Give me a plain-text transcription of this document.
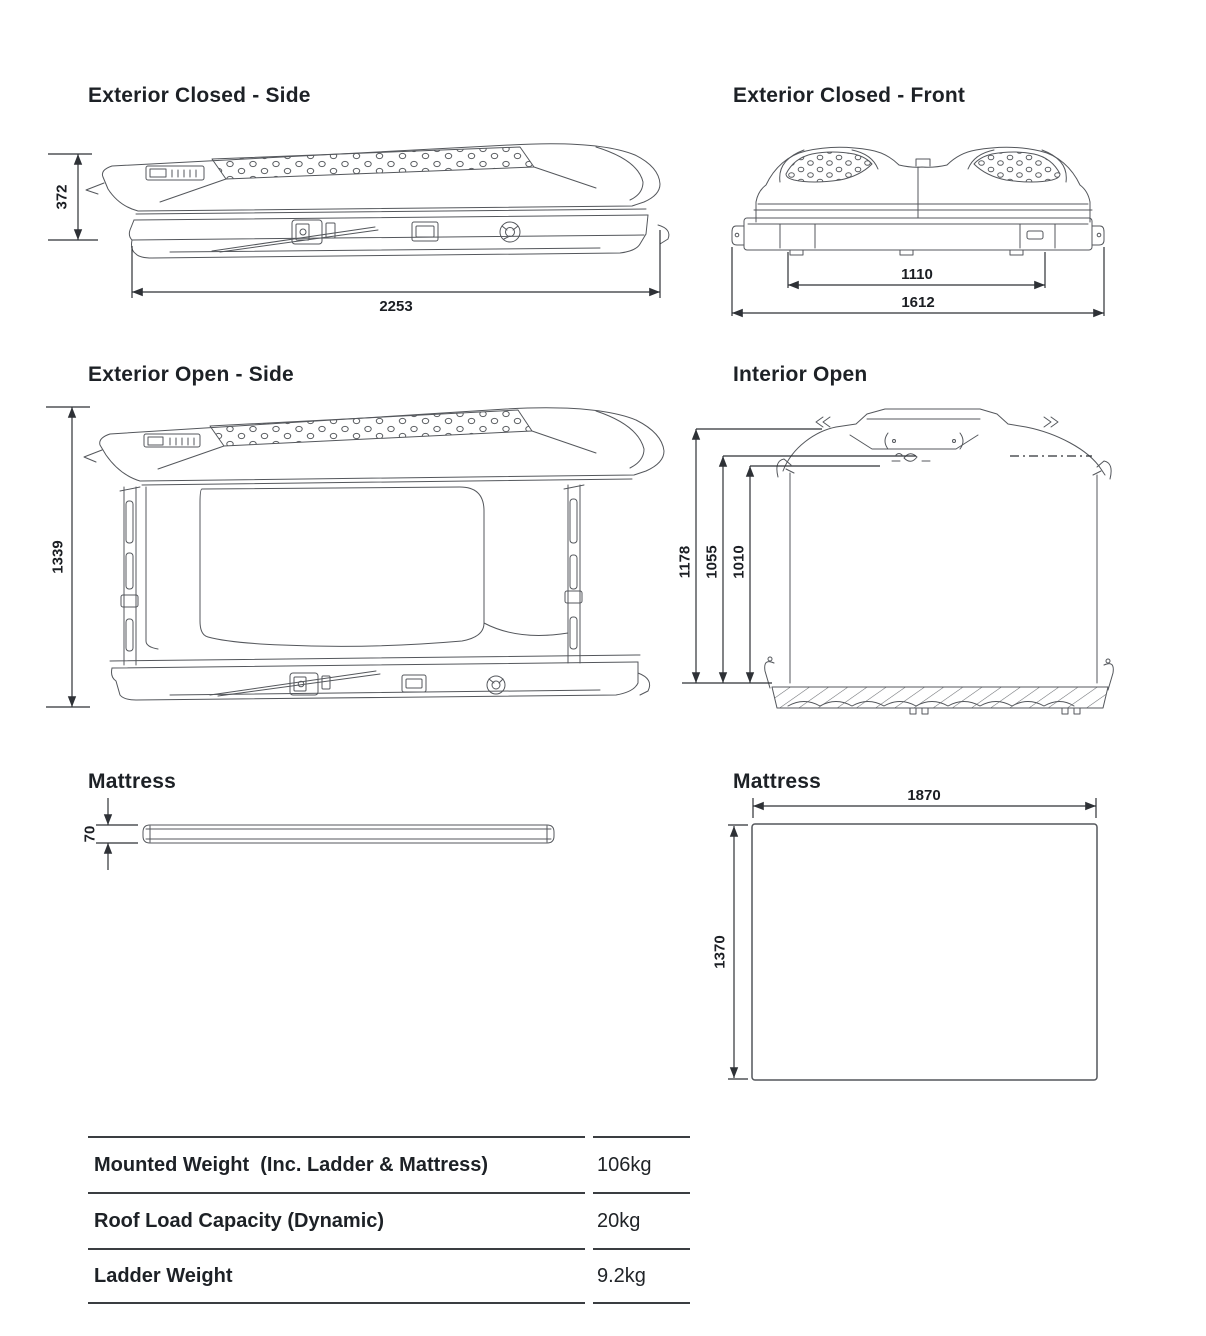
Exterior Closed - Side	Exterior Closed - Front
Exterior Open - Side	Interior Open
Mattress	Mattress
372
2253
1110
1612
1339	1178 1055 1010
70
1870
1370
Mounted Weight  (Inc. Ladder & Mattress)	106kg
Roof Load Capacity (Dynamic)	20kg
Ladder Weight	9.2kg
